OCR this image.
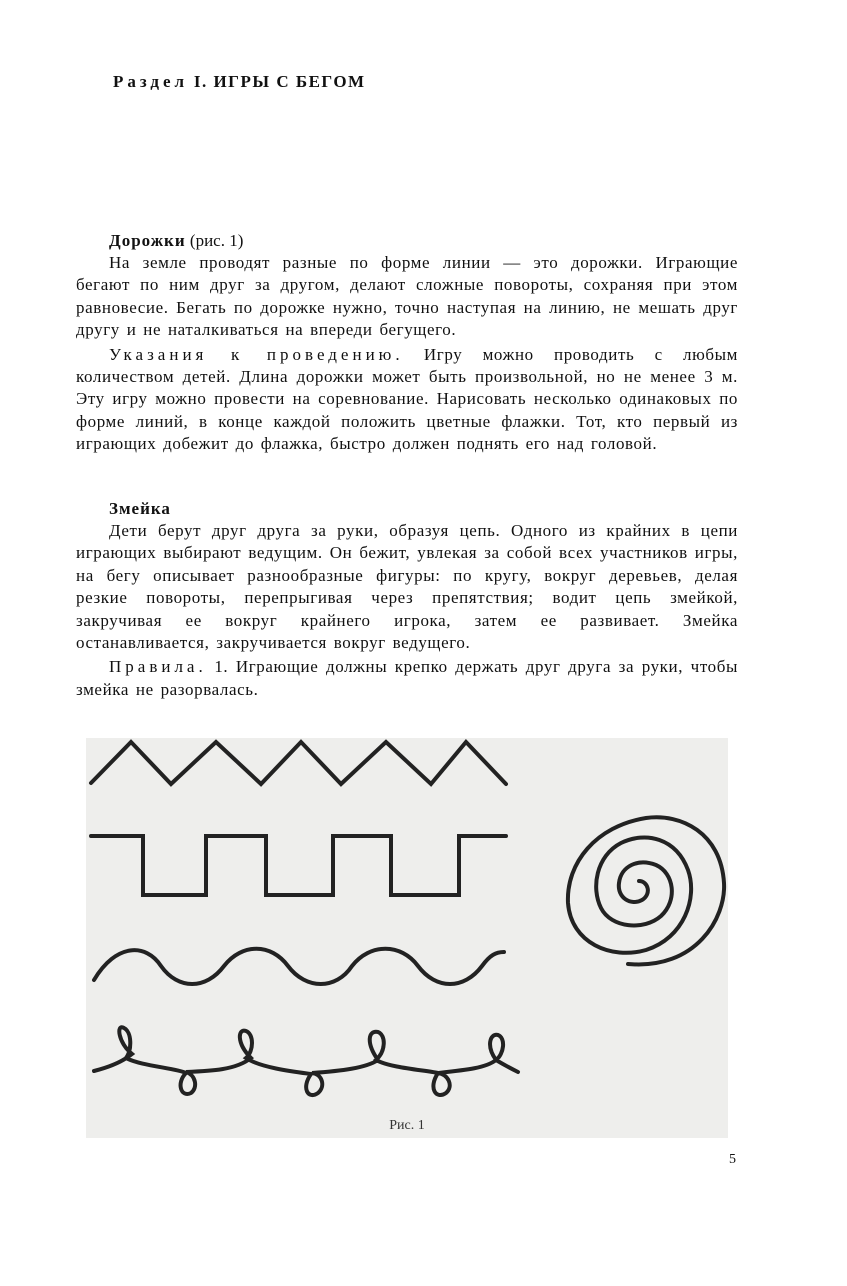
Раздел I. ИГРЫ С БЕГОМ
Дорожки (рис. 1)

На земле проводят разные по форме линии — это дорожки. Играющие бегают по ним друг за другом, делают сложные повороты, сохраняя при этом равновесие. Бегать по дорожке нужно, точно наступая на линию, не мешать друг другу и не наталкиваться на впереди бегущего.

Указания к проведению. Игру можно проводить с любым количеством детей. Длина дорожки может быть произвольной, но не менее 3 м. Эту игру можно провести на соревнование. Нарисовать несколько одинаковых по форме линий, в конце каждой положить цветные флажки. Тот, кто первый из играющих добежит до флажка, быстро должен поднять его над головой.

Змейка

Дети берут друг друга за руки, образуя цепь. Одного из крайних в цепи играющих выбирают ведущим. Он бежит, увлекая за собой всех участников игры, на бегу описывает разнообразные фигуры: по кругу, вокруг деревьев, делая резкие повороты, перепрыгивая через препятствия; водит цепь змейкой, закручивая ее вокруг крайнего игрока, затем ее развивает. Змейка останавливается, закручивается вокруг ведущего.

Правила. 1. Играющие должны крепко держать друг друга за руки, чтобы змейка не разорвалась.

Рис. 1
5
